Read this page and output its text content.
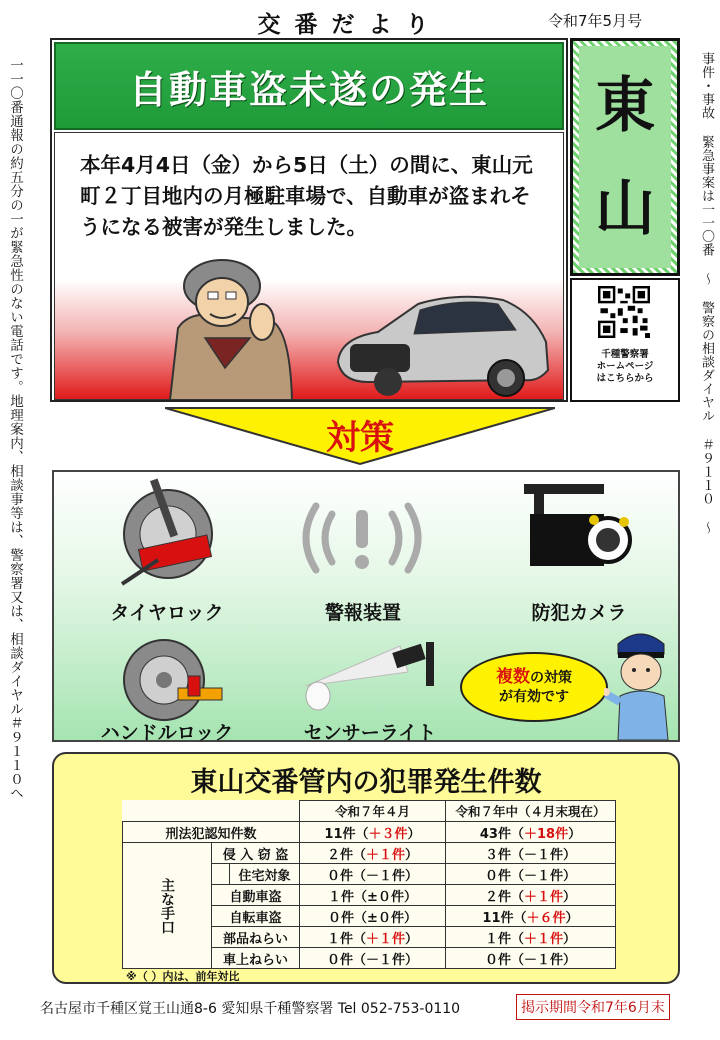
交番だより	令和7年5月号
一一〇番通報の約五分の一が緊急性のない電話です。地理案内、相談事等は、警察署又は、相談ダイヤル＃９１１０へ	事件・事故 緊急事案は一一〇番 〜 警察の相談ダイヤル ＃９１１０ 〜
自動車盗未遂の発生
本年4月4日（金）から5日（土）の間に、東山元町２丁目地内の月極駐車場で、自動車が盗まれそうになる被害が発生しました。
東
山
千種警察署
ホームページ
はこちらから
対策
タイヤロック	警報装置	防犯カメラ
ハンドルロック	センサーライト
複数の対策
が有効です
東山交番管内の犯罪発生件数
			令和７年４月	令和７年中（４月末現在）
刑法犯認知件数			11件（＋３件）	43件（＋18件）
主な手口	侵 入 窃 盗		２件（＋１件）	３件（－１件）
		住宅対象	０件（－１件）	０件（－１件）
	自動車盗		１件（±０件）	２件（＋１件）
	自転車盗		０件（±０件）	11件（＋６件）
	部品ねらい		１件（＋１件）	１件（＋１件）
	車上ねらい		０件（－１件）	０件（－１件）
※（ ）内は、前年対比
名古屋市千種区覚王山通8-6 愛知県千種警察署 Tel 052-753-0110	掲示期間令和7年6月末
